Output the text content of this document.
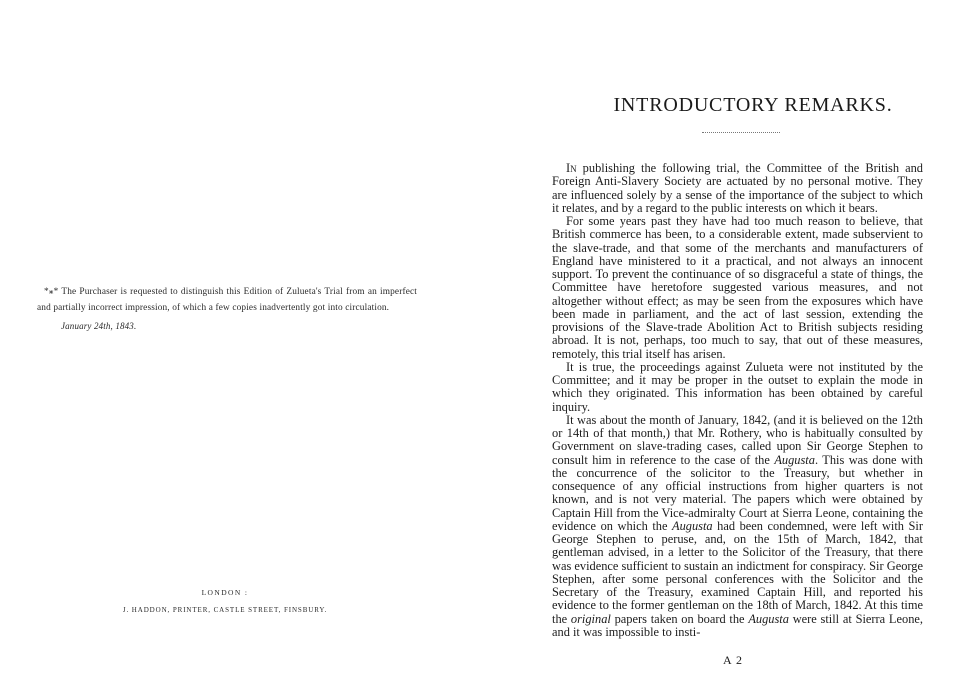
*⁎* The Purchaser is requested to distinguish this Edition of Zulueta's Trial from an imperfect and partially incorrect impression, of which a few copies inadvertently got into circulation.

January 24th, 1843.
LONDON :
J. HADDON, PRINTER, CASTLE STREET, FINSBURY.
INTRODUCTORY REMARKS.

In publishing the following trial, the Committee of the British and Foreign Anti-Slavery Society are actuated by no personal motive. They are influenced solely by a sense of the importance of the subject to which it relates, and by a regard to the public interests on which it bears.

For some years past they have had too much reason to believe, that British commerce has been, to a considerable extent, made subservient to the slave-trade, and that some of the merchants and manufacturers of England have ministered to it a practical, and not always an innocent support. To prevent the continuance of so disgraceful a state of things, the Committee have heretofore suggested various measures, and not altogether without effect; as may be seen from the exposures which have been made in parliament, and the act of last session, extending the provisions of the Slave-trade Abolition Act to British subjects residing abroad. It is not, perhaps, too much to say, that out of these measures, remotely, this trial itself has arisen.

It is true, the proceedings against Zulueta were not instituted by the Committee; and it may be proper in the outset to explain the mode in which they originated. This information has been obtained by careful inquiry.

It was about the month of January, 1842, (and it is believed on the 12th or 14th of that month,) that Mr. Rothery, who is habitually consulted by Government on slave-trading cases, called upon Sir George Stephen to consult him in reference to the case of the Augusta. This was done with the concurrence of the solicitor to the Treasury, but whether in consequence of any official instructions from higher quarters is not known, and is not very material. The papers which were obtained by Captain Hill from the Vice-admiralty Court at Sierra Leone, containing the evidence on which the Augusta had been condemned, were left with Sir George Stephen to peruse, and, on the 15th of March, 1842, that gentleman advised, in a letter to the Solicitor of the Treasury, that there was evidence sufficient to sustain an indictment for conspiracy. Sir George Stephen, after some personal conferences with the Solicitor and the Secretary of the Treasury, examined Captain Hill, and reported his evidence to the former gentleman on the 18th of March, 1842. At this time the original papers taken on board the Augusta were still at Sierra Leone, and it was impossible to insti-

A 2
